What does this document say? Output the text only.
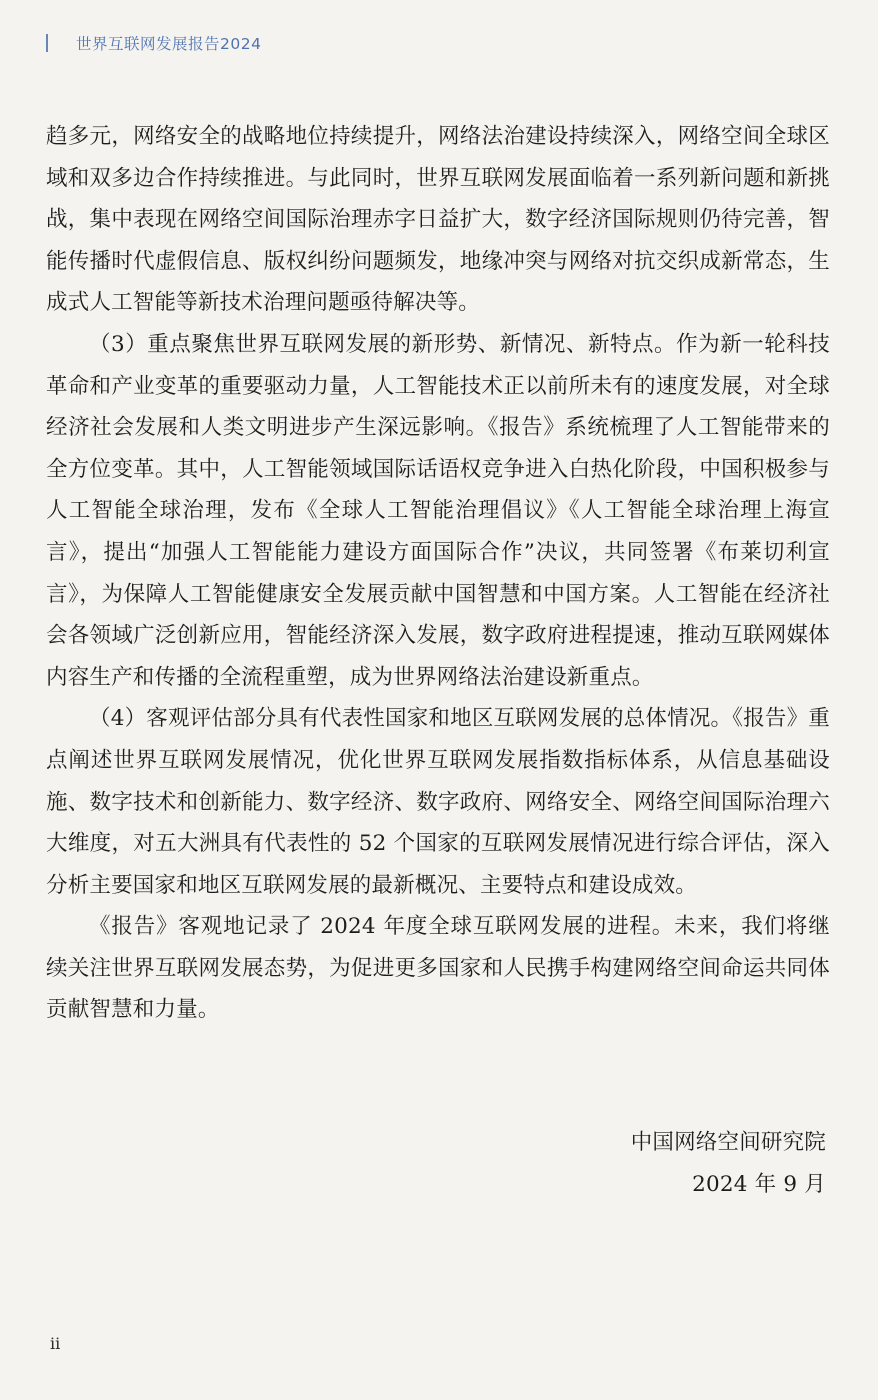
世界互联网发展报告2024

趋多元，网络安全的战略地位持续提升，网络法治建设持续深入，网络空间全球区域和双多边合作持续推进。与此同时，世界互联网发展面临着一系列新问题和新挑战，集中表现在网络空间国际治理赤字日益扩大，数字经济国际规则仍待完善，智能传播时代虚假信息、版权纠纷问题频发，地缘冲突与网络对抗交织成新常态，生成式人工智能等新技术治理问题亟待解决等。

（3）重点聚焦世界互联网发展的新形势、新情况、新特点。作为新一轮科技革命和产业变革的重要驱动力量，人工智能技术正以前所未有的速度发展，对全球经济社会发展和人类文明进步产生深远影响。《报告》系统梳理了人工智能带来的全方位变革。其中，人工智能领域国际话语权竞争进入白热化阶段，中国积极参与人工智能全球治理，发布《全球人工智能治理倡议》《人工智能全球治理上海宣言》，提出“加强人工智能能力建设方面国际合作”决议，共同签署《布莱切利宣言》，为保障人工智能健康安全发展贡献中国智慧和中国方案。人工智能在经济社会各领域广泛创新应用，智能经济深入发展，数字政府进程提速，推动互联网媒体内容生产和传播的全流程重塑，成为世界网络法治建设新重点。

（4）客观评估部分具有代表性国家和地区互联网发展的总体情况。《报告》重点阐述世界互联网发展情况，优化世界互联网发展指数指标体系，从信息基础设施、数字技术和创新能力、数字经济、数字政府、网络安全、网络空间国际治理六大维度，对五大洲具有代表性的 52 个国家的互联网发展情况进行综合评估，深入分析主要国家和地区互联网发展的最新概况、主要特点和建设成效。

《报告》客观地记录了 2024 年度全球互联网发展的进程。未来，我们将继续关注世界互联网发展态势，为促进更多国家和人民携手构建网络空间命运共同体贡献智慧和力量。

中国网络空间研究院
2024 年 9 月
ii
